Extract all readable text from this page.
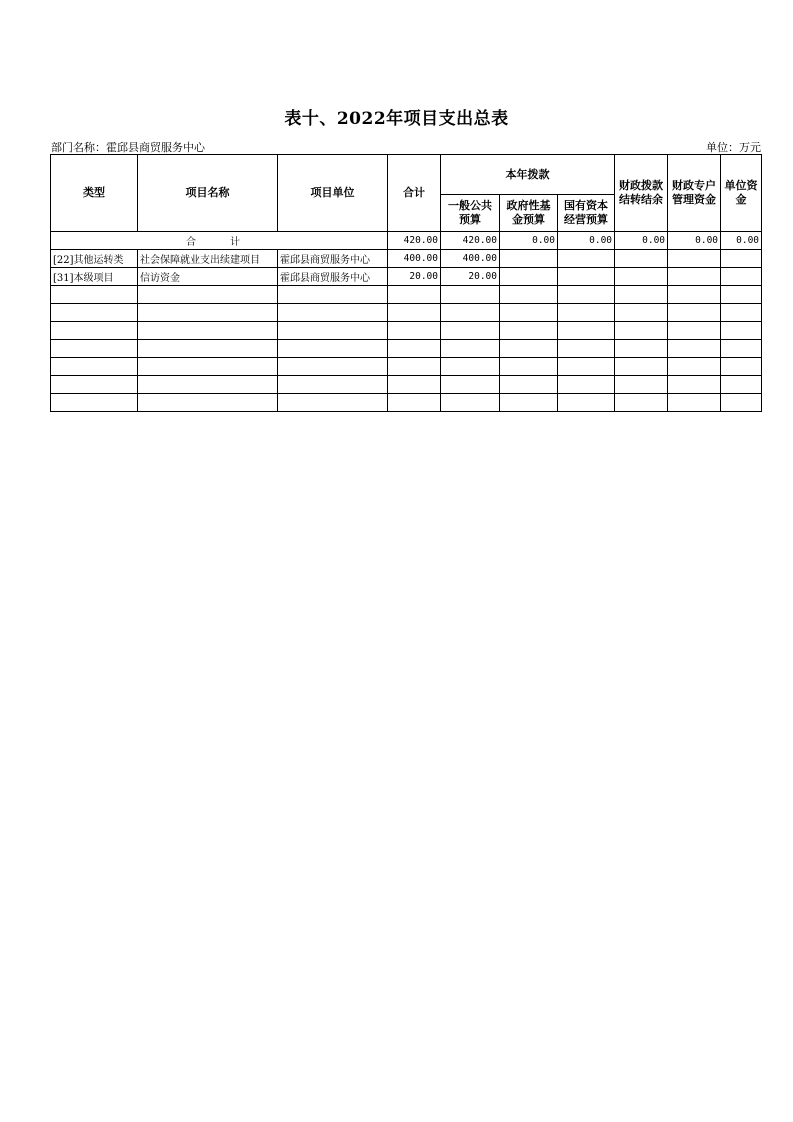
表十、2022年项目支出总表
部门名称：霍邱县商贸服务中心	单位：万元
类型	项目名称	项目单位	合计	本年拨款			财政拨款结转结余	财政专户管理资金	单位资金
				一般公共预算	政府性基金预算	国有资本经营预算			
合　计			420.00	420.00	0.00	0.00	0.00	0.00	0.00
[22]其他运转类	社会保障就业支出续建项目	霍邱县商贸服务中心	400.00	400.00					
[31]本级项目	信访资金	霍邱县商贸服务中心	20.00	20.00					
